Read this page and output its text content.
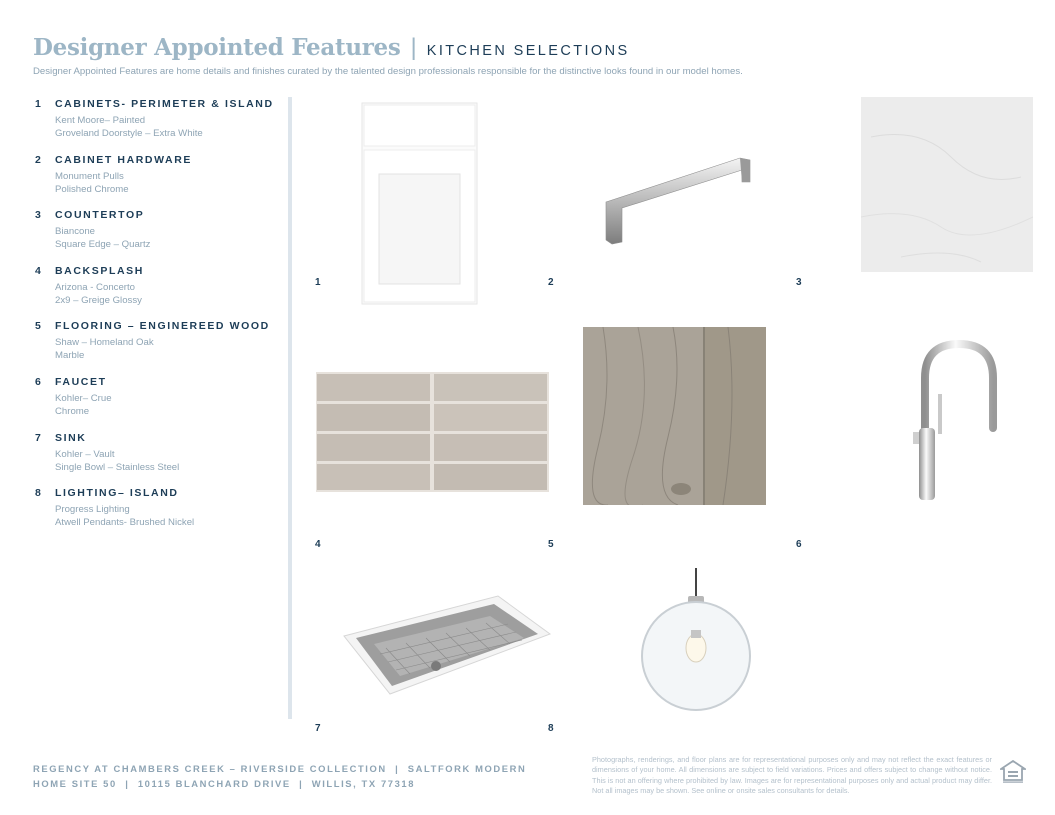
Designer Appointed Features | KITCHEN SELECTIONS
Designer Appointed Features are home details and finishes curated by the talented design professionals responsible for the distinctive looks found in our model homes.
1	CABINETS- PERIMETER & ISLAND
Kent Moore– Painted
Groveland Doorstyle – Extra White
2	CABINET HARDWARE
Monument Pulls
Polished Chrome
3	COUNTERTOP
Biancone
Square Edge – Quartz
4	BACKSPLASH
Arizona - Concerto
2x9 – Greige Glossy
5	FLOORING – ENGINEREED WOOD
Shaw – Homeland Oak
Marble
6	FAUCET
Kohler– Crue
Chrome
7	SINK
Kohler – Vault
Single Bowl – Stainless Steel
8	LIGHTING– ISLAND
Progress Lighting
Atwell Pendants- Brushed Nickel
1	2	3
4	5	6
7	8
REGENCY AT CHAMBERS CREEK – RIVERSIDE COLLECTION  |  SALTFORK MODERN
HOME SITE 50  |  10115 BLANCHARD DRIVE  |  WILLIS, TX 77318
Photographs, renderings, and floor plans are for representational purposes only and may not reflect the exact features or dimensions of your home. All dimensions are subject to field variations. Prices and offers subject to change without notice. This is not an offering where prohibited by law. Images are for representational purposes only and actual product may differ. Not all images may be shown. See online or onsite sales consultants for details.
